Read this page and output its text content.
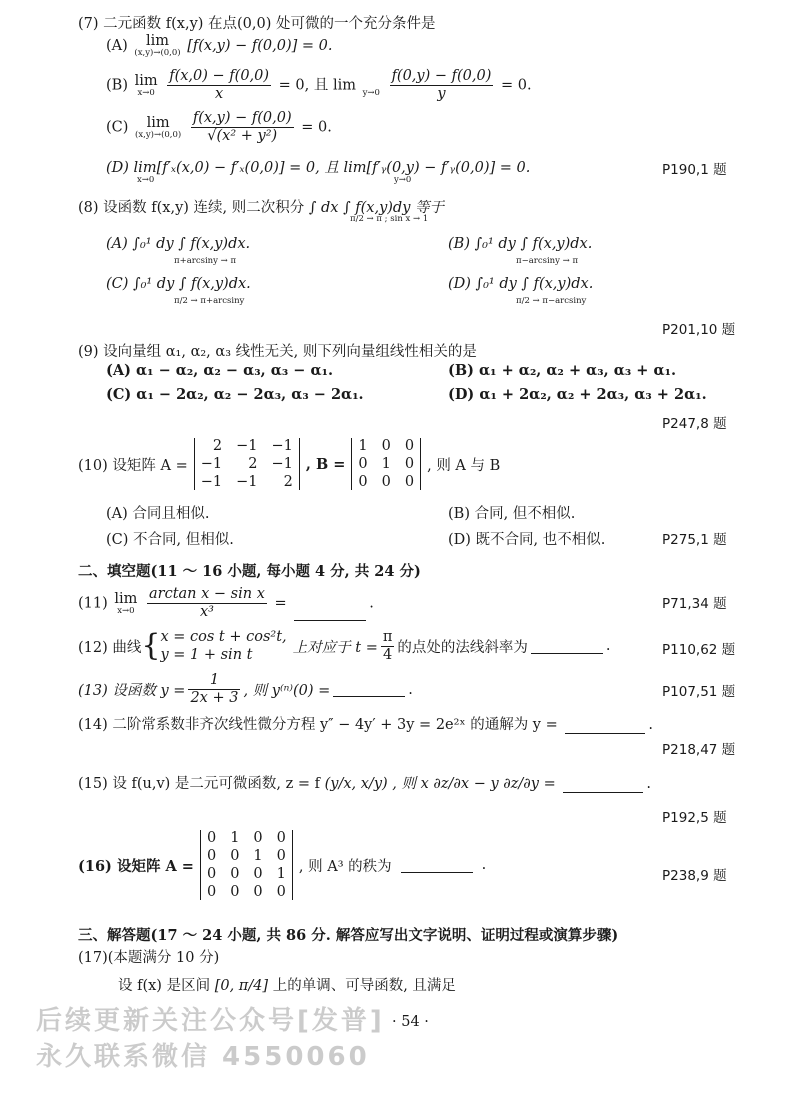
(7) 二元函数 f(x,y) 在点(0,0) 处可微的一个充分条件是
(A)	lim
(x,y)→(0,0) [f(x,y) − f(0,0)] = 0.
(B) lim
x→0
$\frac{f(x,0) - f(0,0)}{x} = 0$, 且 lim
y→0
$\frac{f(0,y) - f(0,0)}{y} = 0$.
(C)	lim
(x,y)→(0,0)
$\frac{f(x,y) - f(0,0)}{\text{√(x² + y²)}} = 0$.
(D) lim[f′ₓ(x,0) − f′ₓ(0,0)] = 0, 且 lim[f′ᵧ(0,y) − f′ᵧ(0,0)] = 0.
x→0	y→0
P190,1 题
(8) 设函数 f(x,y) 连续, 则二次积分 ∫ dx ∫ f(x,y)dy 等于
π/2 → π ; sin x → 1
(A) ∫₀¹ dy ∫ f(x,y)dx.
π+arcsiny → π
(B) ∫₀¹ dy ∫ f(x,y)dx.
π−arcsiny → π
(C) ∫₀¹ dy ∫ f(x,y)dx.
π/2 → π+arcsiny
(D) ∫₀¹ dy ∫ f(x,y)dx.
π/2 → π−arcsiny
P201,10 题
(9) 设向量组 α₁, α₂, α₃ 线性无关, 则下列向量组线性相关的是
(A) α₁ − α₂, α₂ − α₃, α₃ − α₁.	(B) α₁ + α₂, α₂ + α₃, α₃ + α₁.
(C) α₁ − 2α₂, α₂ − 2α₃, α₃ − 2α₁.	(D) α₁ + 2α₂, α₂ + 2α₃, α₃ + 2α₁.
P247,8 题
(10) 设矩阵 A =
2 −1 −1
−1	2 −1
−1 −1	2
, B =
1 0 0
0 1 0
0 0 0
, 则 A 与 B
(A) 合同且相似.	(B) 合同, 但不相似.
(C) 不合同, 但相似.	(D) 既不合同, 也不相似.	P275,1 题
二、填空题(11 ～ 16 小题, 每小题 4 分, 共 24 分)
(11) lim
x→0
$\frac{\text{arctan x − sin x}}{\text{x³}}$ =	.	P71,34 题
(12) 曲线 { x = cos t + cos²t,
y = 1 + sin t	上对应于 $t = \frac{\pi}{4}$ 的点处的法线斜率为	.	P110,62 题
(13) 设函数 $y = \frac{1}{2x + 3}$ , 则 y⁽ⁿ⁾(0) =	.	P107,51 题
(14) 二阶常系数非齐次线性微分方程 y″ − 4y′ + 3y = 2e²ˣ 的通解为 y =	.
P218,47 题
(15) 设 f(u,v) 是二元可微函数, z = f (y/x, x/y) , 则 x ∂z/∂x − y ∂z/∂y =	.
P192,5 题
(16) 设矩阵 A =
0 1 0 0
0 0 1 0
0 0 0 1
0 0 0 0
, 则 A³ 的秩为	.
P238,9 题
三、解答题(17 ～ 24 小题, 共 86 分. 解答应写出文字说明、证明过程或演算步骤)
(17)(本题满分 10 分)
设 f(x) 是区间 [0, π/4] 上的单调、可导函数, 且满足
· 54 ·
后续更新关注公众号[发普]
永久联系微信 4550060
